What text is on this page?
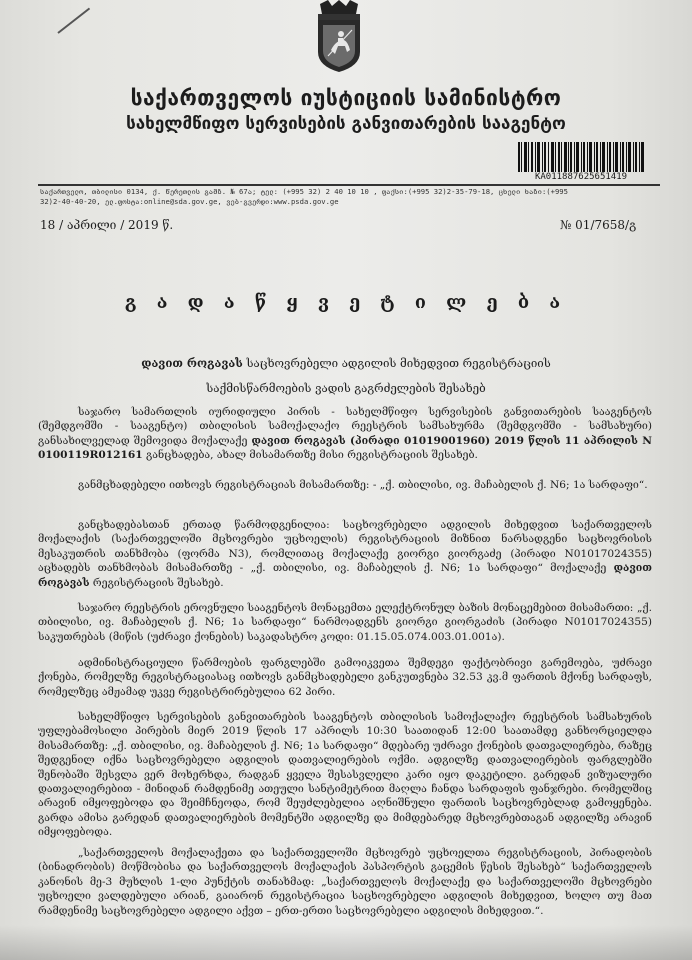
საქართველოს იუსტიციის სამინისტრო
სახელმწიფო სერვისების განვითარების სააგენტო
KA011887625651419
საქართველო, თბილისი 0134, ქ. წერეთლის გამზ. № 67ა; ტელ: (+995 32) 2 40 10 10 , ფაქსი:(+995 32)2-35-79-18, ცხელი ხაზი:(+995
32)2-40-40-20, ელ.ფოსტა:online@sda.gov.ge, ვებ-გვერდი:www.psda.gov.ge
18 / აპრილი / 2019 წ.	№ 01/7658/გ
გ ა დ ა წ ყ ვ ე ტ ი ლ ე ბ ა
დავით როგავას საცხოვრებელი ადგილის მიხედვით რეგისტრაციის
საქმისწარმოების ვადის გაგრძელების შესახებ
საჯარო სამართლის იურიდიული პირის - სახელმწიფო სერვისების განვითარების სააგენტოს (შემდგომში - სააგენტო) თბილისის სამოქალაქო რეესტრის სამსახურმა (შემდგომში - სამსახური) განსახილველად შემოვიდა მოქალაქე დავით როგავას (პირადი 01019001960) 2019 წლის 11 აპრილის N 0100119R012161 განცხადება, ახალ მისამართზე მისი რეგისტრაციის შესახებ.
განმცხადებელი ითხოვს რეგისტრაციას მისამართზე: - „ქ. თბილისი, ივ. მაჩაბელის ქ. N6; 1ა სარდაფი“.
განცხადებასთან ერთად წარმოდგენილია: საცხოვრებელი ადგილის მიხედვით საქართველოს მოქალაქის (საქართველოში მცხოვრები უცხოელის) რეგისტრაციის მიზნით ნარსადგენი საცხოვრისის მესაკუთრის თანხმობა (ფორმა N3), რომლითაც მოქალაქე გიორგი გიორგაძე (პირადი N01017024355) აცხადებს თანხმობას მისამართზე - „ქ. თბილისი, ივ. მაჩაბელის ქ. N6; 1ა სარდაფი“ მოქალაქე დავით როგავას რეგისტრაციის შესახებ.
საჯარო რეესტრის ეროვნული სააგენტოს მონაცემთა ელექტრონულ ბაზის მონაცემებით მისამართი: „ქ. თბილისი, ივ. მაჩაბელის ქ. N6; 1ა სარდაფი“ ნარმოადგენს გიორგი გიორგაძის (პირადი N01017024355) საკუთრებას (მიწის (უძრავი ქონების) საკადასტრო კოდი: 01.15.05.074.003.01.001ა).
ადმინისტრაციული წარმოების ფარგლებში გამოიკვეთა შემდეგი ფაქტობრივი გარემოება, უძრავი ქონება, რომელზე რეგისტრაციასაც ითხოვს განმცხადებელი განკუთვნება 32.53 კვ.მ ფართის მქონე სარდაფს, რომელზეც ამჟამად უკვე რეგისტრირებულია 62 პირი.
სახელმწიფო სერვისების განვითარების სააგენტოს თბილისის სამოქალაქო რეესტრის სამსახურის უფლებამოსილი პირების მიერ 2019 წლის 17 აპრილს 10:30 საათიდან 12:00 საათამდე განხორციელდა მისამართზე: „ქ. თბილისი, ივ. მაჩაბელის ქ. N6; 1ა სარდაფი“ მდებარე უძრავი ქონების დათვალიერება, რაზეც შედგენილ იქნა საცხოვრებელი ადგილის დათვალიერების ოქმი. ადგილზე დათვალიერების ფარგლებში შენობაში შესვლა ვერ მოხერხდა, რადგან ყველა შესასვლელი კარი იყო დაკეტილი. გარედან ვიზუალური დათვალიერებით - მინიდან რამდენიმე ათეული სანტიმეტრით მაღლა ჩანდა სარდაფის ფანჯრები. რომელშიც არავინ იმყოფებოდა და შეიმჩნეოდა, რომ შეუძლებელია აღნიშნული ფართის საცხოვრებლად გამოყენება. გარდა ამისა გარედან დათვალიერების მომენტში ადგილზე და მიმდებარედ მცხოვრებთაგან ადგილზე არავინ იმყოფებოდა.
„საქართველოს მოქალაქეთა და საქართველოში მცხოვრებ უცხოელთა რეგისტრაციის, პირადობის (ბინადრობის) მოწმობისა და საქართველოს მოქალაქის პასპორტის გაცემის წესის შესახებ“ საქართველოს კანონის მე-3 მუხლის 1-ლი პუნქტის თანახმად: „საქართველოს მოქალაქე და საქართველოში მცხოვრები უცხოელი ვალდებული არიან, გაიარონ რეგისტრაცია საცხოვრებელი ადგილის მიხედვით, ხოლო თუ მათ რამდენიმე საცხოვრებელი ადგილი აქვთ – ერთ-ერთი საცხოვრებელი ადგილის მიხედვით.“.
